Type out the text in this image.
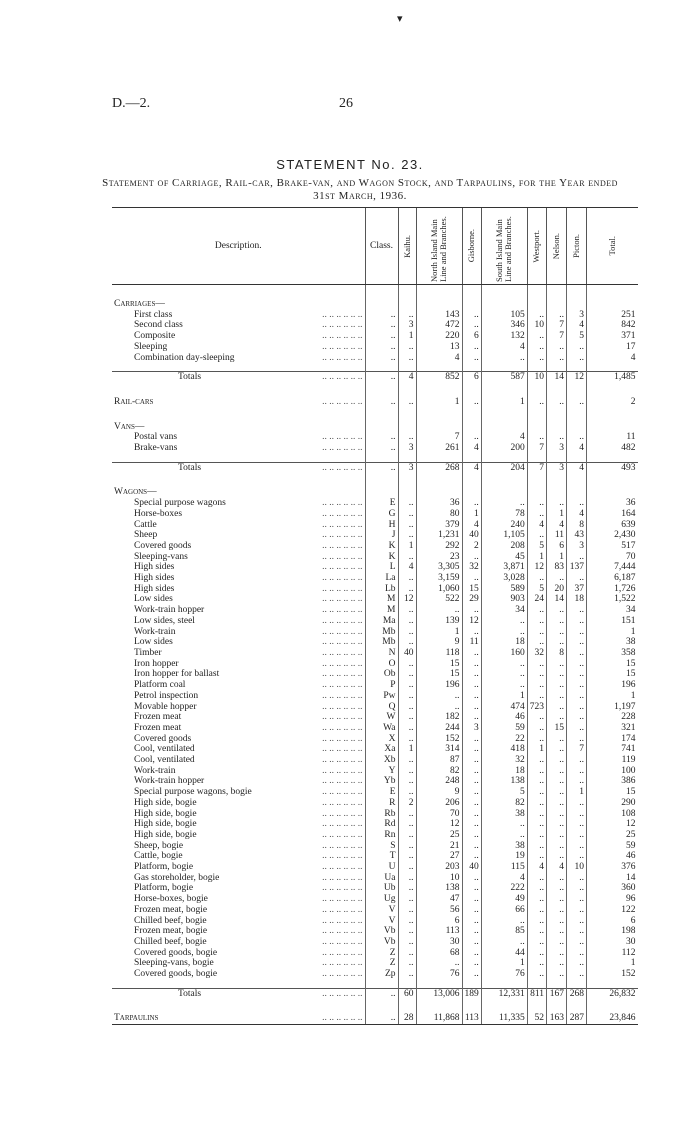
▾
D.—2.	26
STATEMENT No. 23.
Statement of Carriage, Rail-car, Brake-van, and Wagon Stock, and Tarpaulins, for the Year ended 31st March, 1936.
Description.	Class.	Kaihu.	North Island Main Line and Branches.	Gisborne.	South Island Main Line and Branches.	Westport.	Nelson.	Picton.	Total.

Carriages—									

First class .. .. .. .. .. ..	..	..	143	..	105	..	..	3	251

Second class .. .. .. .. .. ..	..	3	472	..	346	10	7	4	842

Composite .. .. .. .. .. ..	..	1	220	6	132	..	7	5	371

Sleeping .. .. .. .. .. ..	..	..	13	..	4	..	..	..	17

Combination day-sleeping .. .. .. .. .. ..	..	..	4	..	..	..	..	..	4

Totals .. .. .. .. .. ..	..	4	852	6	587	10	14	12	1,485

Rail-cars .. .. .. .. .. ..	..	..	1	..	1	..	..	..	2

Vans—									

Postal vans .. .. .. .. .. ..	..	..	7	..	4	..	..	..	11

Brake-vans .. .. .. .. .. ..	..	3	261	4	200	7	3	4	482

Totals .. .. .. .. .. ..	..	3	268	4	204	7	3	4	493

Wagons—									

Special purpose wagons .. .. .. .. .. ..	E	..	36	..	..	..	..	..	36

Horse-boxes .. .. .. .. .. ..	G	..	80	1	78	..	1	4	164

Cattle .. .. .. .. .. ..	H	..	379	4	240	4	4	8	639

Sheep .. .. .. .. .. ..	J	..	1,231	40	1,105	..	11	43	2,430

Covered goods .. .. .. .. .. ..	K	1	292	2	208	5	6	3	517

Sleeping-vans .. .. .. .. .. ..	K	..	23	..	45	1	1	..	70

High sides .. .. .. .. .. ..	L	4	3,305	32	3,871	12	83	137	7,444

High sides .. .. .. .. .. ..	La	..	3,159	..	3,028	..	..	..	6,187

High sides .. .. .. .. .. ..	Lb	..	1,060	15	589	5	20	37	1,726

Low sides .. .. .. .. .. ..	M	12	522	29	903	24	14	18	1,522

Work-train hopper .. .. .. .. .. ..	M	..	..	..	34	..	..	..	34

Low sides, steel .. .. .. .. .. ..	Ma	..	139	12	..	..	..	..	151

Work-train .. .. .. .. .. ..	Mb	..	1	..	..	..	..	..	1

Low sides .. .. .. .. .. ..	Mb	..	9	11	18	..	..	..	38

Timber .. .. .. .. .. ..	N	40	118	..	160	32	8	..	358

Iron hopper .. .. .. .. .. ..	O	..	15	..	..	..	..	..	15

Iron hopper for ballast .. .. .. .. .. ..	Ob	..	15	..	..	..	..	..	15

Platform coal .. .. .. .. .. ..	P	..	196	..	..	..	..	..	196

Petrol inspection .. .. .. .. .. ..	Pw	..	..	..	1	..	..	..	1

Movable hopper .. .. .. .. .. ..	Q	..	..	..	474	723	..	..	1,197

Frozen meat .. .. .. .. .. ..	W	..	182	..	46	..	..	..	228

Frozen meat .. .. .. .. .. ..	Wa	..	244	3	59	..	15	..	321

Covered goods .. .. .. .. .. ..	X	..	152	..	22	..	..	..	174

Cool, ventilated .. .. .. .. .. ..	Xa	1	314	..	418	1	..	7	741

Cool, ventilated .. .. .. .. .. ..	Xb	..	87	..	32	..	..	..	119

Work-train .. .. .. .. .. ..	Y	..	82	..	18	..	..	..	100

Work-train hopper .. .. .. .. .. ..	Yb	..	248	..	138	..	..	..	386

Special purpose wagons, bogie .. .. .. .. .. ..	E	..	9	..	5	..	..	1	15

High side, bogie .. .. .. .. .. ..	R	2	206	..	82	..	..	..	290

High side, bogie .. .. .. .. .. ..	Rb	..	70	..	38	..	..	..	108

High side, bogie .. .. .. .. .. ..	Rd	..	12	..	..	..	..	..	12

High side, bogie .. .. .. .. .. ..	Rn	..	25	..	..	..	..	..	25

Sheep, bogie .. .. .. .. .. ..	S	..	21	..	38	..	..	..	59

Cattle, bogie .. .. .. .. .. ..	T	..	27	..	19	..	..	..	46

Platform, bogie .. .. .. .. .. ..	U	..	203	40	115	4	4	10	376

Gas storeholder, bogie .. .. .. .. .. ..	Ua	..	10	..	4	..	..	..	14

Platform, bogie .. .. .. .. .. ..	Ub	..	138	..	222	..	..	..	360

Horse-boxes, bogie .. .. .. .. .. ..	Ug	..	47	..	49	..	..	..	96

Frozen meat, bogie .. .. .. .. .. ..	V	..	56	..	66	..	..	..	122

Chilled beef, bogie .. .. .. .. .. ..	V	..	6	..	..	..	..	..	6

Frozen meat, bogie .. .. .. .. .. ..	Vb	..	113	..	85	..	..	..	198

Chilled beef, bogie .. .. .. .. .. ..	Vb	..	30	..	..	..	..	..	30

Covered goods, bogie .. .. .. .. .. ..	Z	..	68	..	44	..	..	..	112

Sleeping-vans, bogie .. .. .. .. .. ..	Z	..	..	..	1	..	..	..	1

Covered goods, bogie .. .. .. .. .. ..	Zp	..	76	..	76	..	..	..	152

Totals .. .. .. .. .. ..	..	60	13,006	189	12,331	811	167	268	26,832

Tarpaulins .. .. .. .. .. ..	..	28	11,868	113	11,335	52	163	287	23,846
